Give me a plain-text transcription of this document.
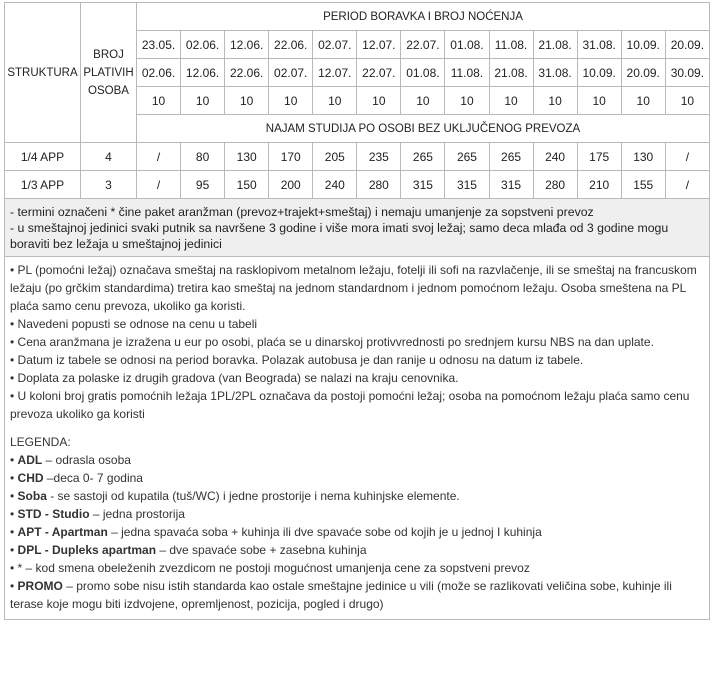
STRUKTURA	BROJ PLATIVIH OSOBA	PERIOD BORAVKA I BROJ NOĆENJA												
		23.05.	02.06.	12.06.	22.06.	02.07.	12.07.	22.07.	01.08.	11.08.	21.08.	31.08.	10.09.	20.09.
		02.06.	12.06.	22.06.	02.07.	12.07.	22.07.	01.08.	11.08.	21.08.	31.08.	10.09.	20.09.	30.09.
		10	10	10	10	10	10	10	10	10	10	10	10	10
		NAJAM STUDIJA PO OSOBI BEZ UKLJUČENOG PREVOZA												
1/4 APP	4	/	80	130	170	205	235	265	265	265	240	175	130	/
1/3 APP	3	/	95	150	200	240	280	315	315	315	280	210	155	/
- termini označeni * čine paket aranžman (prevoz+trajekt+smeštaj) i nemaju umanjenje za sopstveni prevoz
- u smeštajnoj jedinici svaki putnik sa navršene 3 godine i više mora imati svoj ležaj; samo deca mlađa od 3 godine mogu boraviti bez ležaja u smeštajnoj jedinici

• PL (pomoćni ležaj) označava smeštaj na rasklopivom metalnom ležaju, fotelji ili sofi na razvlačenje, ili se smeštaj na francuskom ležaju (po grčkim standardima) tretira kao smeštaj na jednom standardnom i jednom pomoćnom ležaju. Osoba smeštena na PL plaća samo cenu prevoza, ukoliko ga koristi.

• Navedeni popusti se odnose na cenu u tabeli

• Cena aranžmana je izražena u eur po osobi, plaća se u dinarskoj protivvrednosti po srednjem kursu NBS na dan uplate.

• Datum iz tabele se odnosi na period boravka. Polazak autobusa je dan ranije u odnosu na datum iz tabele.

• Doplata za polaske iz drugih gradova (van Beograda) se nalazi na kraju cenovnika.

• U koloni broj gratis pomoćnih ležaja 1PL/2PL označava da postoji pomoćni ležaj; osoba na pomoćnom ležaju plaća samo cenu prevoza ukoliko ga koristi

LEGENDA:

• ADL – odrasla osoba

• CHD –deca 0- 7 godina

• Soba - se sastoji od kupatila (tuš/WC) i jedne prostorije i nema kuhinjske elemente.

• STD - Studio – jedna prostorija

• APT - Apartman – jedna spavaća soba + kuhinja ili dve spavaće sobe od kojih je u jednoj I kuhinja

• DPL - Dupleks apartman – dve spavaće sobe + zasebna kuhinja

• * – kod smena obeleženih zvezdicom ne postoji mogućnost umanjenja cene za sopstveni prevoz

• PROMO – promo sobe nisu istih standarda kao ostale smeštajne jedinice u vili (može se razlikovati veličina sobe, kuhinje ili terase koje mogu biti izdvojene, opremljenost, pozicija, pogled i drugo)
